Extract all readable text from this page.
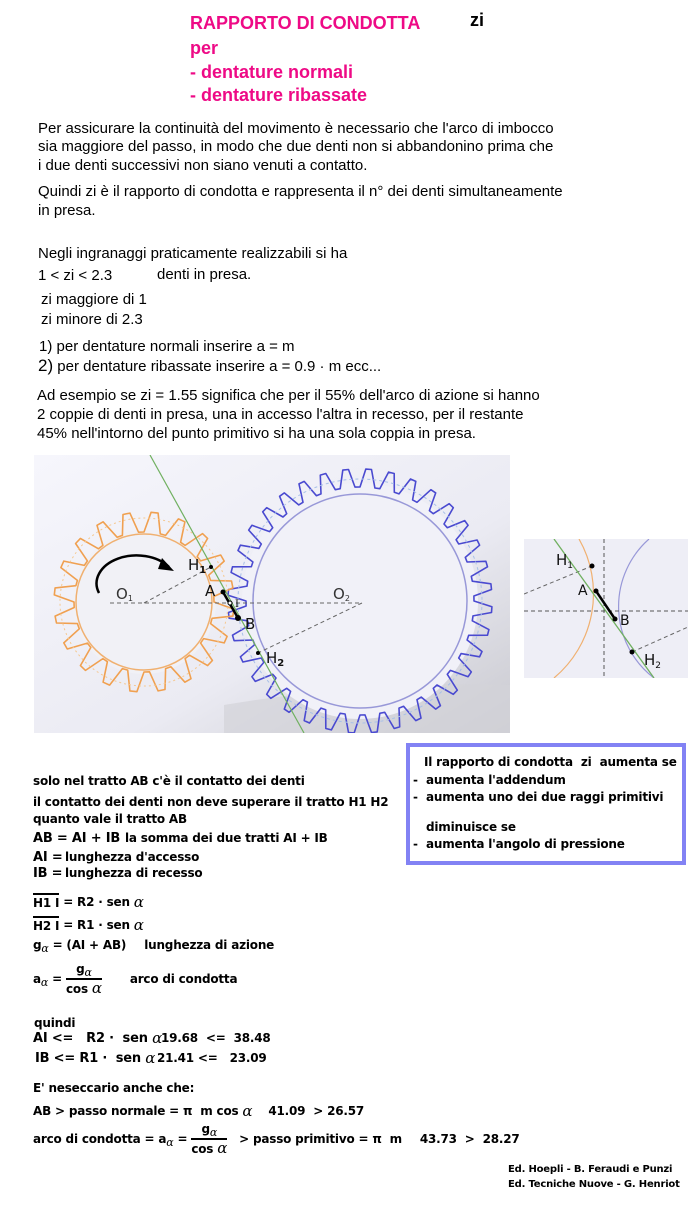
RAPPORTO DI CONDOTTA	zi
per
- dentature normali
- dentature ribassate
Per assicurare la continuità del movimento è necessario che l'arco di imbocco
sia maggiore del passo, in modo che due denti non si abbandonino prima che
i due denti successivi non siano venuti a contatto.
Quindi zi è il rapporto di condotta e rappresenta il n° dei denti simultaneamente
in presa.
Negli ingranaggi praticamente realizzabili si ha
1 < zi < 2.3	denti in presa.
zi maggiore di 1
zi minore di 2.3
1) per dentature normali inserire a = m
2) per dentature ribassate inserire a = 0.9 · m ecc...
Ad esempio se zi = 1.55 significa che per il 55% dell'arco di azione si hanno
2 coppie di denti in presa, una in accesso l'altra in recesso, per il restante
45% nell'intorno del punto primitivo si ha una sola coppia in presa.
O1	O2
$H_1$
A
I
B
$H_2$
$H_1$
A
B
$H_2$
Il rapporto di condotta zi aumenta se
- aumenta l'addendum
- aumenta uno dei due raggi primitivi
diminuisce se
- aumenta l'angolo di pressione
solo nel tratto AB c'è il contatto dei denti
il contatto dei denti non deve superare il tratto H1 H2
quanto vale il tratto AB
AB = AI + IB la somma dei due tratti AI + IB
AI = lunghezza d'accesso
IB = lunghezza di recesso
H1 I = R2 · sen α
H2 I = R1 · sen α
g α = (AI + AB) lunghezza di azione
a $\alpha = \frac{g\alpha}{\text{cos α}}$ arco di condotta
quindi
AI <=   R2 ·  sen α
19.68  <=  38.48
IB <= R1 ·  sen α 21.41 <=   23.09
E' neseccario anche che:
AB > passo normale = π  m cos α 41.09  > 26.57
arco di condotta = a $\alpha = \frac{g\alpha}{\text{cos α}}$ > passo primitivo = π  m 43.73  >  28.27
Ed. Hoepli - B. Feraudi e Punzi
Ed. Tecniche Nuove - G. Henriot
